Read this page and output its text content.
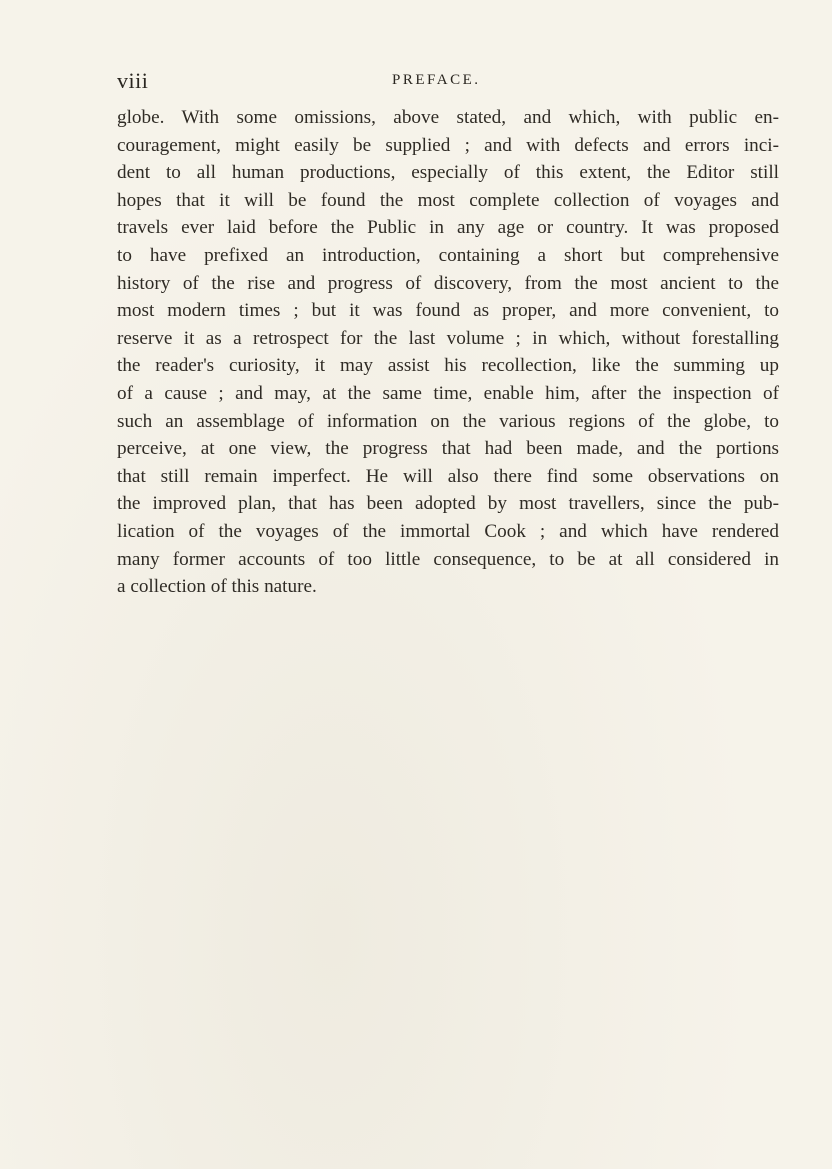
viii	PREFACE.
globe. With some omissions, above stated, and which, with public en-
couragement, might easily be supplied ; and with defects and errors inci-
dent to all human productions, especially of this extent, the Editor still
hopes that it will be found the most complete collection of voyages and
travels ever laid before the Public in any age or country. It was proposed
to have prefixed an introduction, containing a short but comprehensive
history of the rise and progress of discovery, from the most ancient to the
most modern times ; but it was found as proper, and more convenient, to
reserve it as a retrospect for the last volume ; in which, without forestalling
the reader's curiosity, it may assist his recollection, like the summing up
of a cause ; and may, at the same time, enable him, after the inspection of
such an assemblage of information on the various regions of the globe, to
perceive, at one view, the progress that had been made, and the portions
that still remain imperfect. He will also there find some observations on
the improved plan, that has been adopted by most travellers, since the pub-
lication of the voyages of the immortal Cook ; and which have rendered
many former accounts of too little consequence, to be at all considered in
a collection of this nature.
